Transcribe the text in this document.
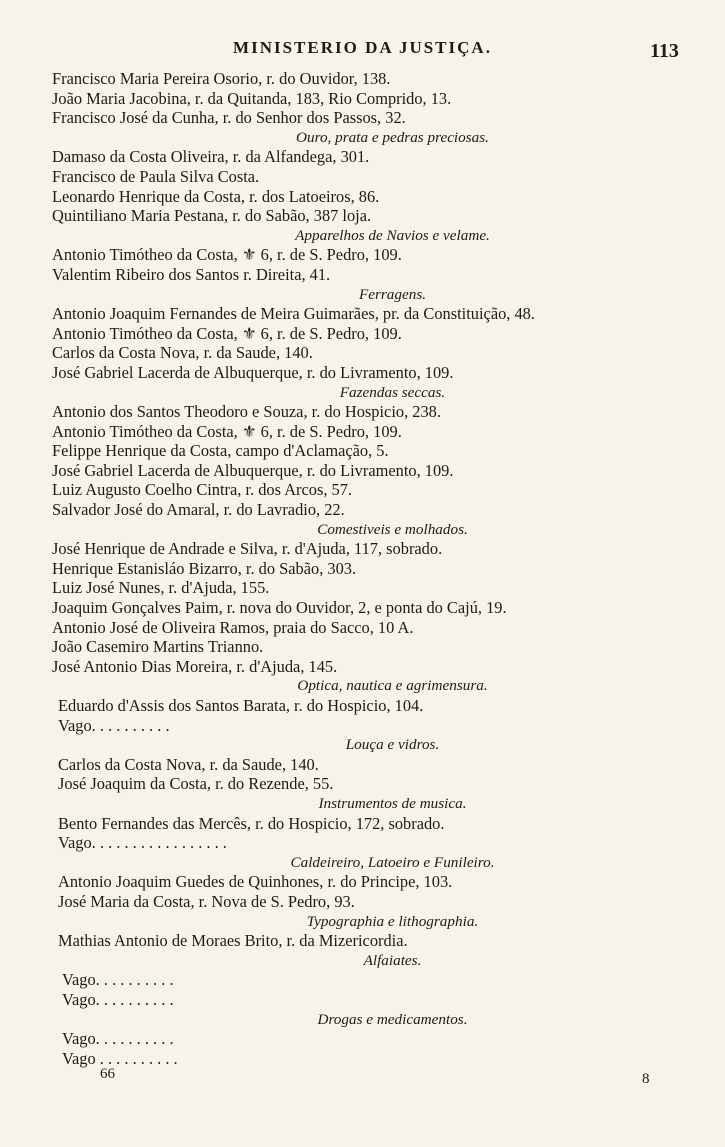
MINISTERIO DA JUSTIÇA.	113
Francisco Maria Pereira Osorio, r. do Ouvidor, 138.
João Maria Jacobina, r. da Quitanda, 183, Rio Comprido, 13.
Francisco José da Cunha, r. do Senhor dos Passos, 32.
Ouro, prata e pedras preciosas.
Damaso da Costa Oliveira, r. da Alfandega, 301.
Francisco de Paula Silva Costa.
Leonardo Henrique da Costa, r. dos Latoeiros, 86.
Quintiliano Maria Pestana, r. do Sabão, 387 loja.
Apparelhos de Navios e velame.
Antonio Timótheo da Costa, ⚜ 6, r. de S. Pedro, 109.
Valentim Ribeiro dos Santos r. Direita, 41.
Ferragens.
Antonio Joaquim Fernandes de Meira Guimarães, pr. da Constituição, 48.
Antonio Timótheo da Costa, ⚜ 6, r. de S. Pedro, 109.
Carlos da Costa Nova, r. da Saude, 140.
José Gabriel Lacerda de Albuquerque, r. do Livramento, 109.
Fazendas seccas.
Antonio dos Santos Theodoro e Souza, r. do Hospicio, 238.
Antonio Timótheo da Costa, ⚜ 6, r. de S. Pedro, 109.
Felippe Henrique da Costa, campo d'Aclamação, 5.
José Gabriel Lacerda de Albuquerque, r. do Livramento, 109.
Luiz Augusto Coelho Cintra, r. dos Arcos, 57.
Salvador José do Amaral, r. do Lavradio, 22.
Comestiveis e molhados.
José Henrique de Andrade e Silva, r. d'Ajuda, 117, sobrado.
Henrique Estanisláo Bizarro, r. do Sabão, 303.
Luiz José Nunes, r. d'Ajuda, 155.
Joaquim Gonçalves Paim, r. nova do Ouvidor, 2, e ponta do Cajú, 19.
Antonio José de Oliveira Ramos, praia do Sacco, 10 A.
João Casemiro Martins Trianno.
José Antonio Dias Moreira, r. d'Ajuda, 145.
Optica, nautica e agrimensura.
Eduardo d'Assis dos Santos Barata, r. do Hospicio, 104.
Vago. . . . . . . . . .
Louça e vidros.
Carlos da Costa Nova, r. da Saude, 140.
José Joaquim da Costa, r. do Rezende, 55.
Instrumentos de musica.
Bento Fernandes das Mercês, r. do Hospicio, 172, sobrado.
Vago. . . . . . . . . . . . . . . . .
Caldeireiro, Latoeiro e Funileiro.
Antonio Joaquim Guedes de Quinhones, r. do Principe, 103.
José Maria da Costa, r. Nova de S. Pedro, 93.
Typographia e lithographia.
Mathias Antonio de Moraes Brito, r. da Mizericordia.
Alfaiates.
Vago. . . . . . . . . .
Vago. . . . . . . . . .
Drogas e medicamentos.
Vago. . . . . . . . . .
Vago . . . . . . . . . .
66	8
